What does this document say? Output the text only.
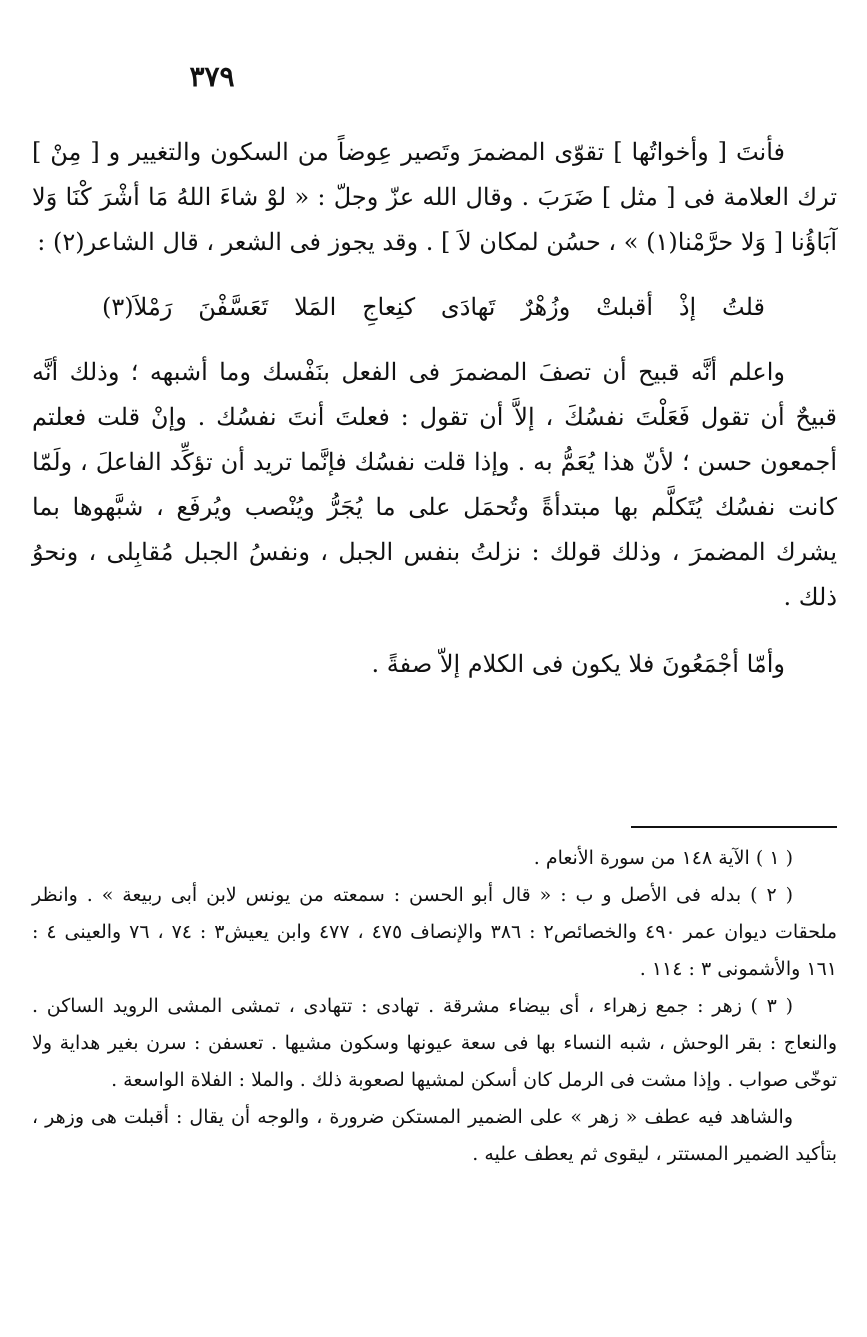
٣٧٩

فأنتَ [ وأخواتُها ] تقوّى المضمرَ وتَصير عِوضاً من السكون والتغيير و [ مِنْ ] ترك العلامة فى [ مثل ] ضَرَبَ . وقال الله عزّ وجلّ : « لوْ شاءَ اللهُ مَا أشْرَ كْنَا وَلا آبَاؤُنا [ وَلا حرَّمْنا(١) » ، حسُن لمكان لاَ ] . وقد يجوز فى الشعر ، قال الشاعر(٢) :

قلتُ إذْ أقبلتْ وزُهْرٌ تَهادَى كنِعاجِ المَلا تَعَسَّفْنَ رَمْلاَ(٣)

واعلم أنَّه قبيح أن تصفَ المضمرَ فى الفعل بنَفْسك وما أشبهه ؛ وذلك أنَّه قبيحٌ أن تقول فَعَلْتَ نفسُكَ ، إلاَّ أن تقول : فعلتَ أنتَ نفسُك . وإنْ قلت فعلتم أجمعون حسن ؛ لأنّ هذا يُعَمُّ به . وإذا قلت نفسُك فإنَّما تريد أن تؤكِّد الفاعلَ ، ولَمّا كانت نفسُك يُتَكلَّم بها مبتدأةً وتُحمَل على ما يُجَرُّ ويُنْصب ويُرفَع ، شبَّهوها بما يشرك المضمرَ ، وذلك قولك : نزلتُ بنفس الجبل ، ونفسُ الجبل مُقابِلى ، ونحوُ ذلك .

وأمّا أجْمَعُونَ فلا يكون فى الكلام إلاّ صفةً .

( ١ ) الآية ١٤٨ من سورة الأنعام .

( ٢ ) بدله فى الأصل و ب : « قال أبو الحسن : سمعته من يونس لابن أبى ربيعة » . وانظر ملحقات ديوان عمر ٤٩٠ والخصائص٢ : ٣٨٦ والإنصاف ٤٧٥ ، ٤٧٧ وابن يعيش٣ : ٧٤ ، ٧٦ والعينى ٤ : ١٦١ والأشمونى ٣ : ١١٤ .

( ٣ ) زهر : جمع زهراء ، أى بيضاء مشرقة . تهادى : تتهادى ، تمشى المشى الرويد الساكن . والنعاج : بقر الوحش ، شبه النساء بها فى سعة عيونها وسكون مشيها . تعسفن : سرن بغير هداية ولا توخّى صواب . وإذا مشت فى الرمل كان أسكن لمشيها لصعوبة ذلك . والملا : الفلاة الواسعة .

والشاهد فيه عطف « زهر » على الضمير المستكن ضرورة ، والوجه أن يقال : أقبلت هى وزهر ، بتأكيد الضمير المستتر ، ليقوى ثم يعطف عليه .
